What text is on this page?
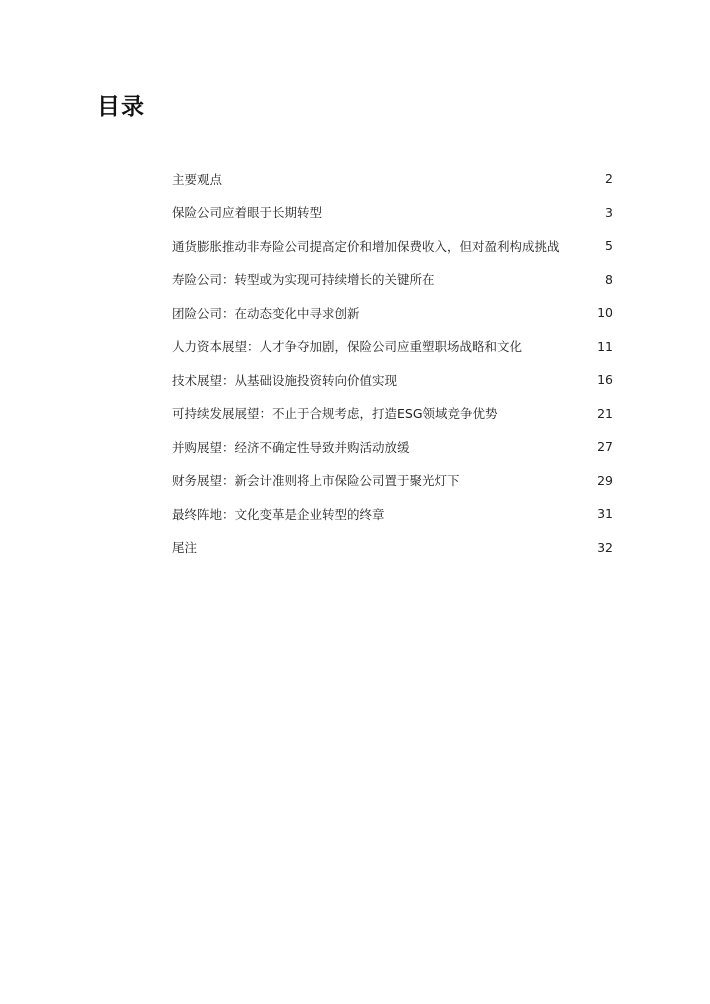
目录
主要观点	2
保险公司应着眼于长期转型	3
通货膨胀推动非寿险公司提高定价和增加保费收入，但对盈利构成挑战	5
寿险公司：转型或为实现可持续增长的关键所在	8
团险公司：在动态变化中寻求创新	10
人力资本展望：人才争夺加剧，保险公司应重塑职场战略和文化	11
技术展望：从基础设施投资转向价值实现	16
可持续发展展望：不止于合规考虑，打造ESG领域竞争优势	21
并购展望：经济不确定性导致并购活动放缓	27
财务展望：新会计准则将上市保险公司置于聚光灯下	29
最终阵地：文化变革是企业转型的终章	31
尾注	32
